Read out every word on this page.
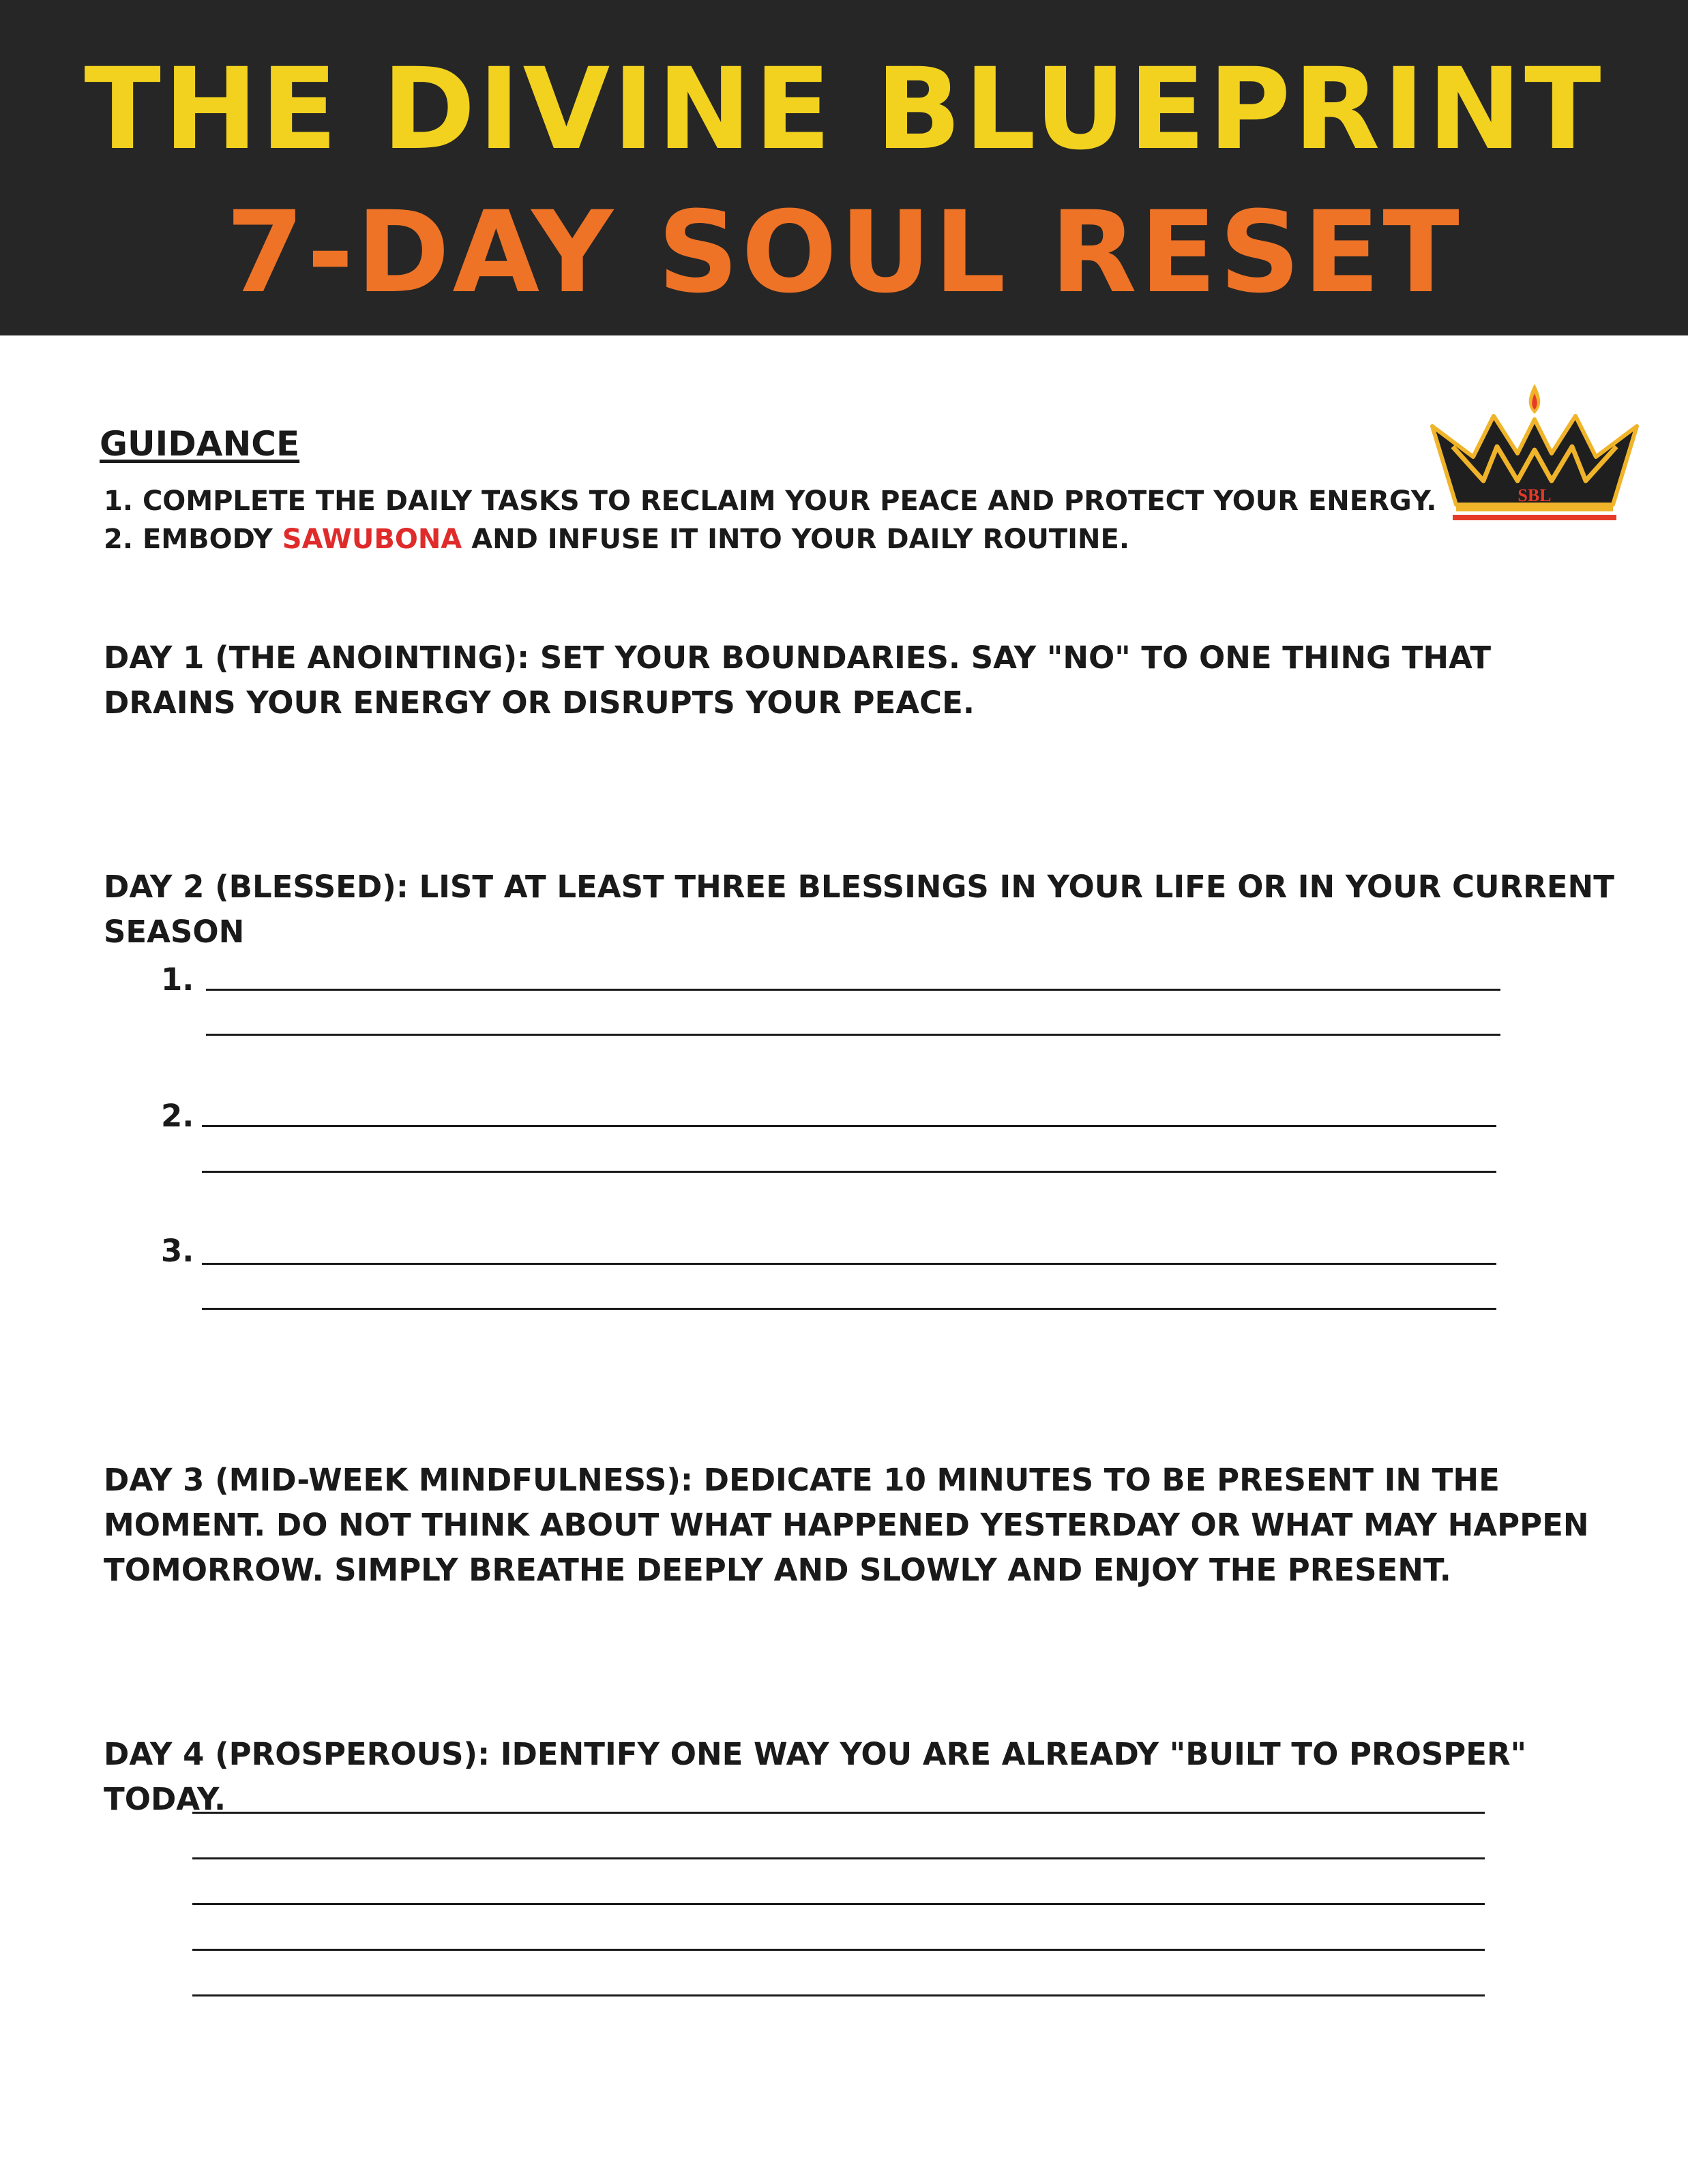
THE DIVINE BLUEPRINT
7-DAY SOUL RESET
SBL
GUIDANCE
1. COMPLETE THE DAILY TASKS TO RECLAIM YOUR PEACE AND PROTECT YOUR ENERGY.
2. EMBODY SAWUBONA AND INFUSE IT INTO YOUR DAILY ROUTINE.
DAY 1 (THE ANOINTING): SET YOUR BOUNDARIES. SAY "NO" TO ONE THING THAT DRAINS YOUR ENERGY OR DISRUPTS YOUR PEACE.
DAY 2 (BLESSED): LIST AT LEAST THREE BLESSINGS IN YOUR LIFE OR IN YOUR CURRENT SEASON
1.
2.
3.
DAY 3 (MID-WEEK MINDFULNESS): DEDICATE 10 MINUTES TO BE PRESENT IN THE MOMENT. DO NOT THINK ABOUT WHAT HAPPENED YESTERDAY OR WHAT MAY HAPPEN TOMORROW. SIMPLY BREATHE DEEPLY AND SLOWLY AND ENJOY THE PRESENT.
DAY 4 (PROSPEROUS): IDENTIFY ONE WAY YOU ARE ALREADY "BUILT TO PROSPER" TODAY.
